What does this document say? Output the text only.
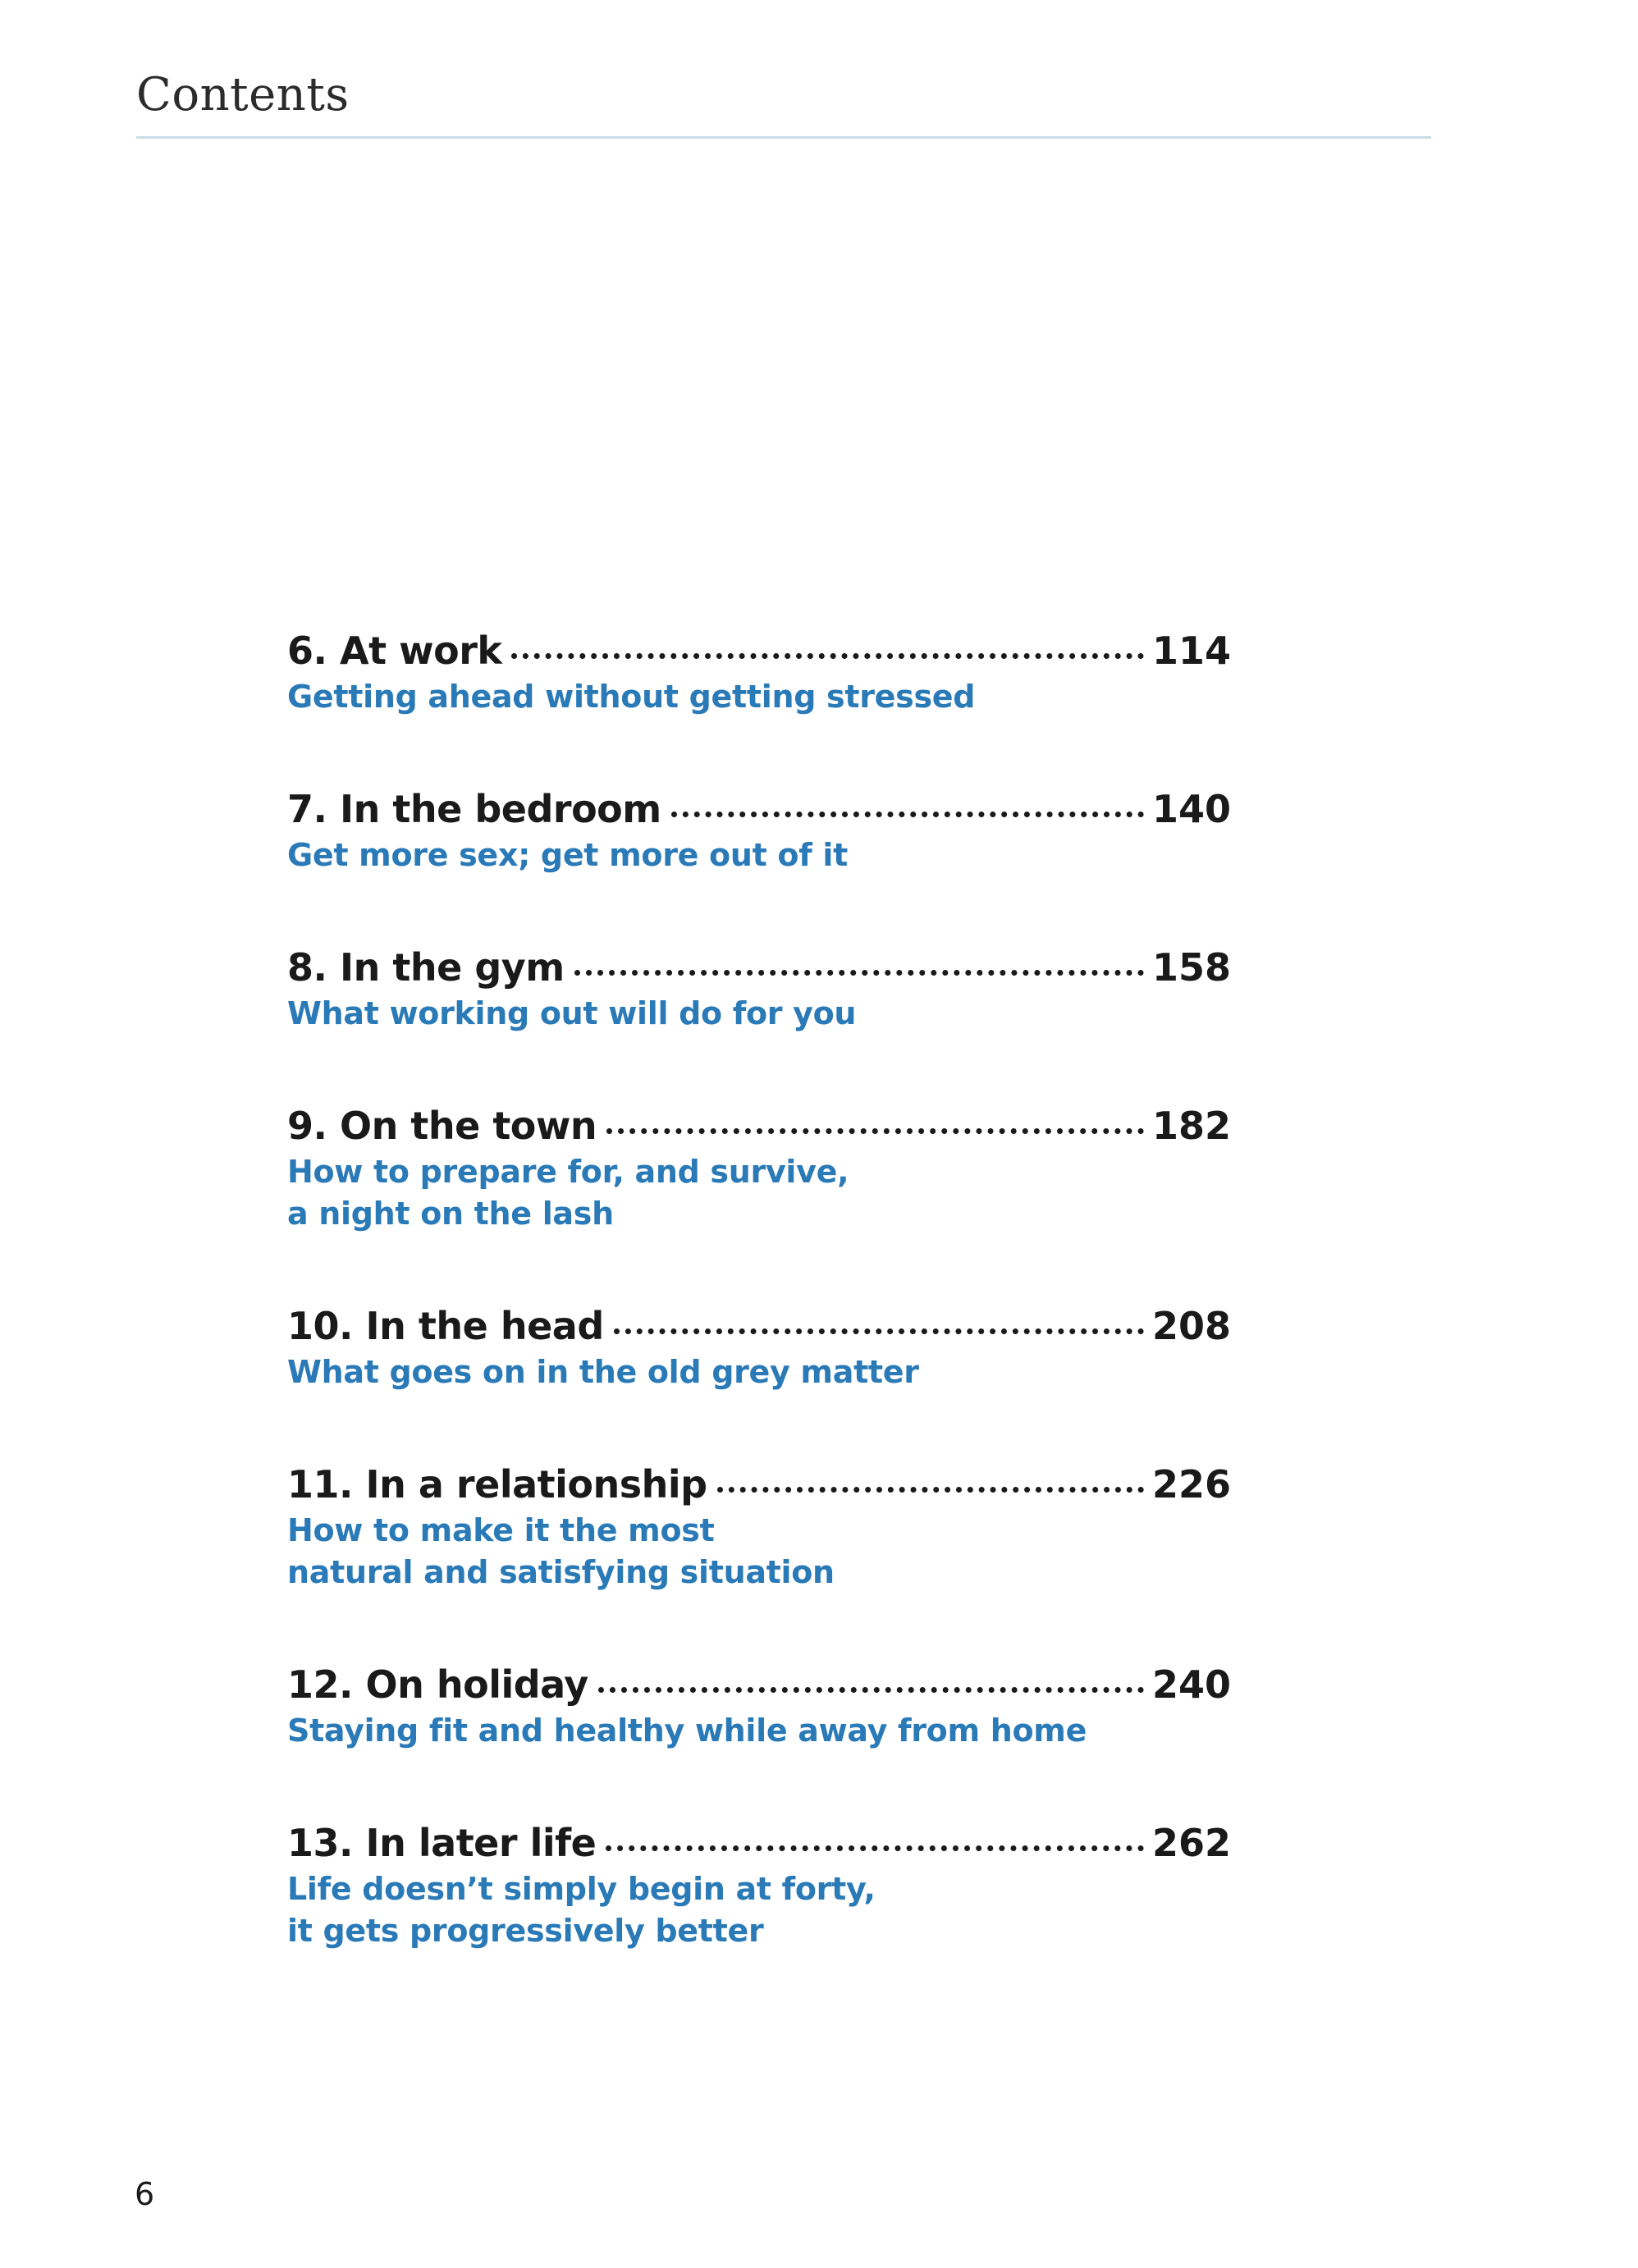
Contents
6. At work	114
Getting ahead without getting stressed
7. In the bedroom	140
Get more sex; get more out of it
8. In the gym	158
What working out will do for you
9. On the town	182
How to prepare for, and survive,
a night on the lash
10. In the head	208
What goes on in the old grey matter
11. In a relationship	226
How to make it the most
natural and satisfying situation
12. On holiday	240
Staying fit and healthy while away from home
13. In later life	262
Life doesn’t simply begin at forty,
it gets progressively better
6
